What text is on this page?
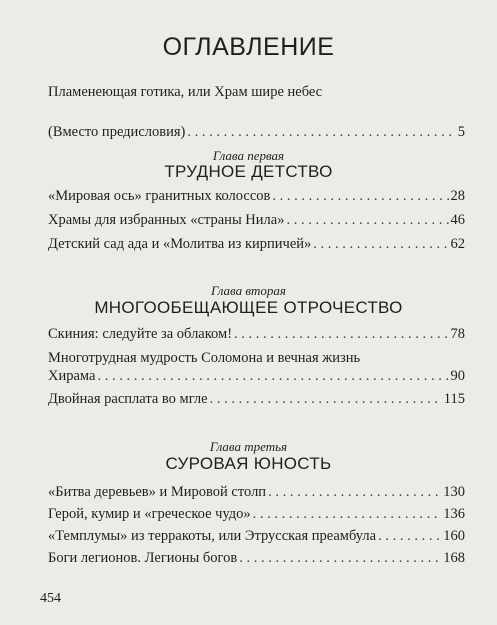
ОГЛАВЛЕНИЕ
Пламенеющая готика, или Храм шире небес
(Вместо предисловия) . . .	5
Глава первая
ТРУДНОЕ ДЕТСТВО
«Мировая ось» гранитных колоссов . . .	28
Храмы для избранных «страны Нила» . . .	46
Детский сад ада и «Молитва из кирпичей» . . .	62
Глава вторая
МНОГООБЕЩАЮЩЕЕ ОТРОЧЕСТВО
Скиния: следуйте за облаком! . . .	78
Многотрудная мудрость Соломона и вечная жизнь
Хирама . . .	90
Двойная расплата во мгле . . .	115
Глава третья
СУРОВАЯ ЮНОСТЬ
«Битва деревьев» и Мировой столп . . .	130
Герой, кумир и «греческое чудо» . . .	136
«Темплумы» из терракоты, или Этрусская преамбула . . .	160
Боги легионов. Легионы богов . . .	168
454
